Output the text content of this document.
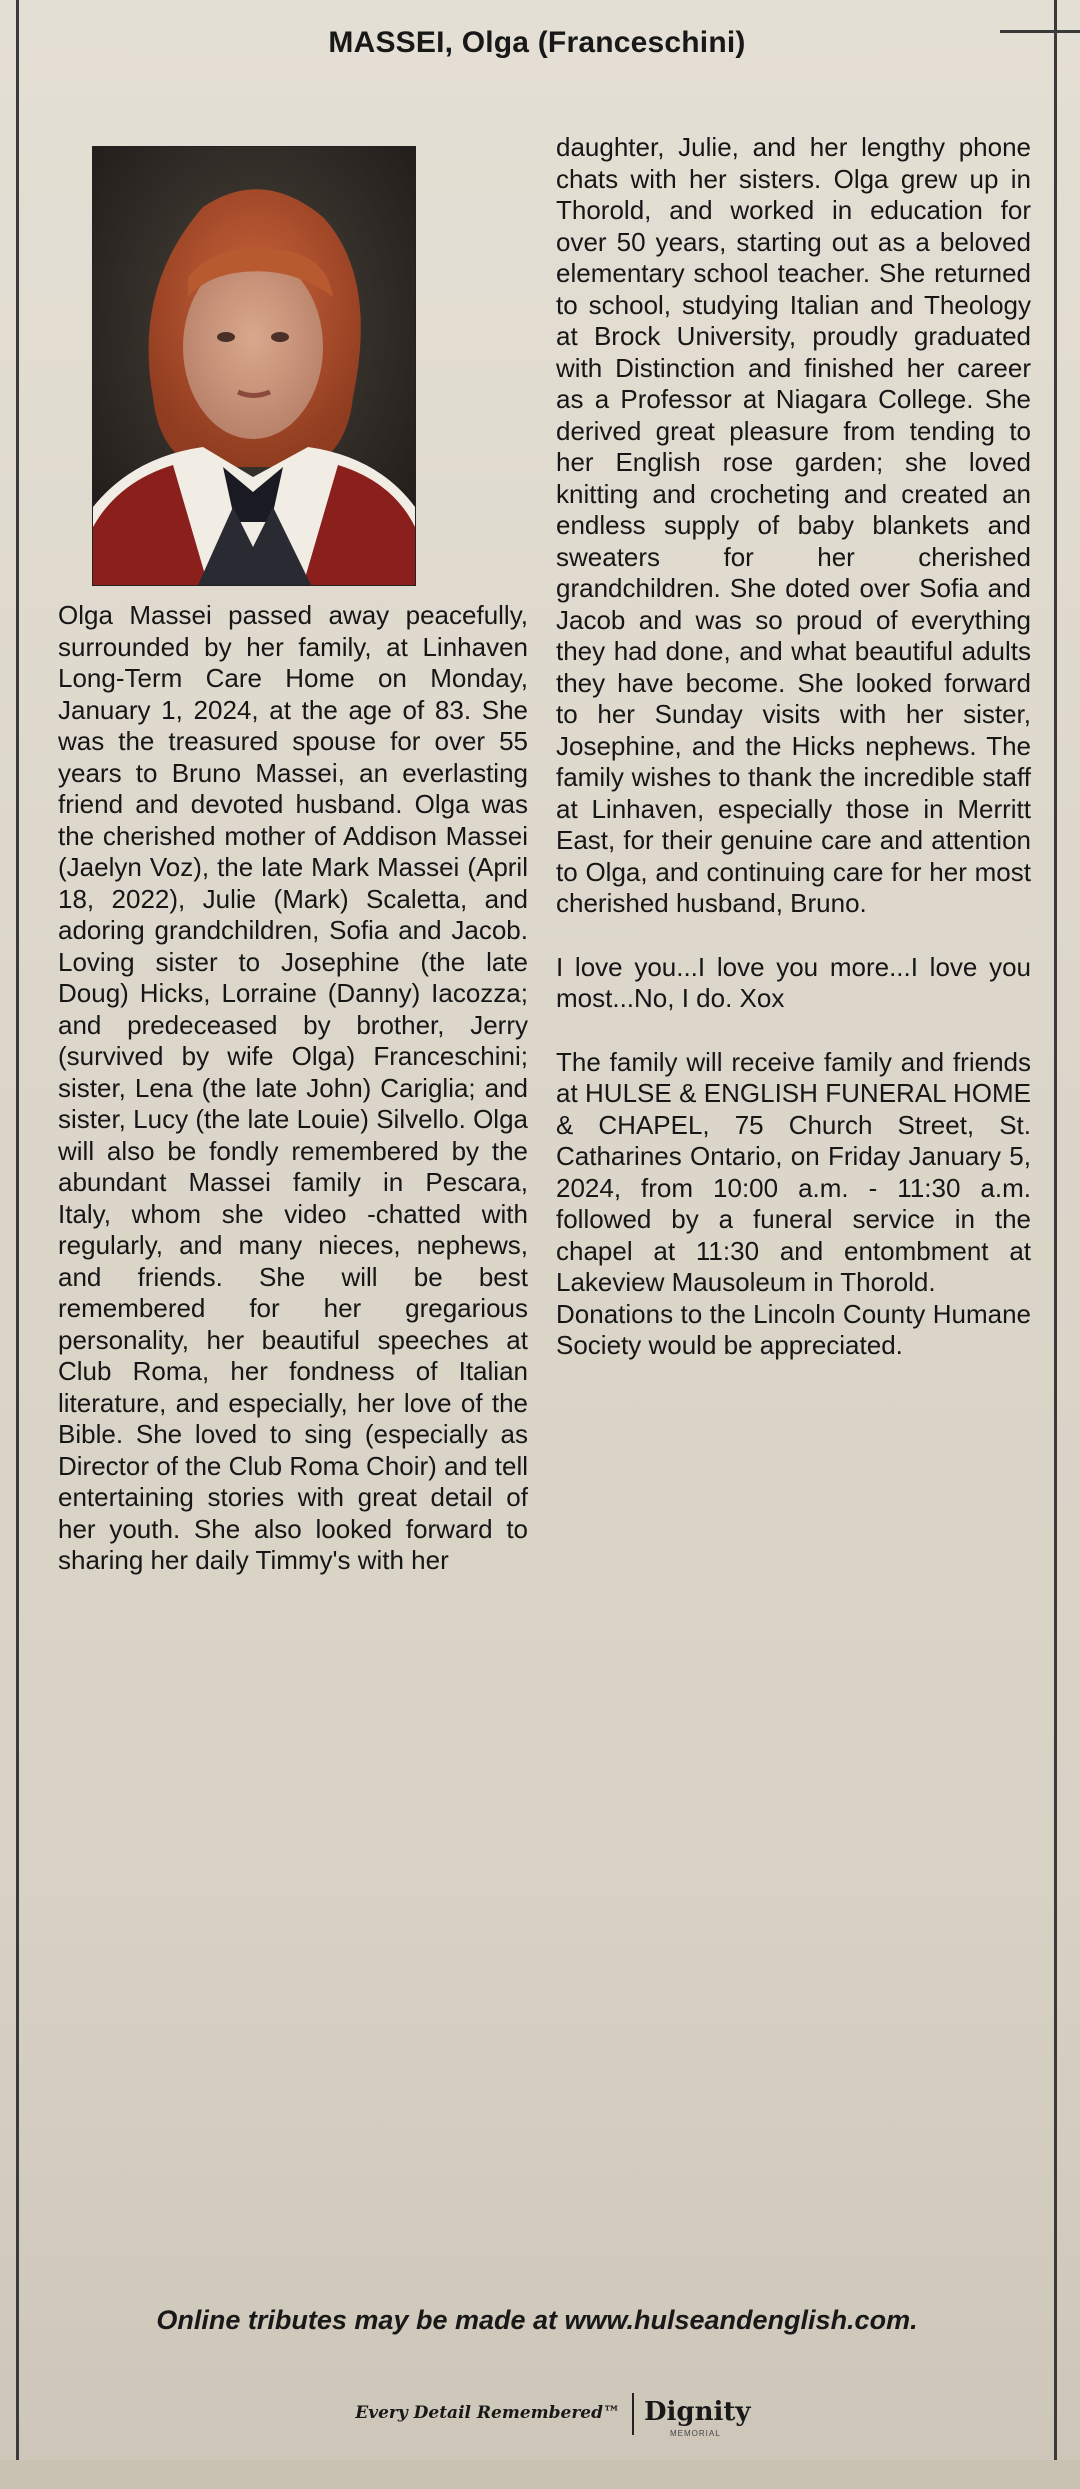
MASSEI, Olga (Franceschini)

Olga Massei passed away peacefully, surrounded by her family, at Linhaven Long-Term Care Home on Monday, January 1, 2024, at the age of 83. She was the treasured spouse for over 55 years to Bruno Massei, an everlasting friend and devoted husband. Olga was the cherished mother of Addison Massei (Jaelyn Voz), the late Mark Massei (April 18, 2022), Julie (Mark) Scaletta, and adoring grandchildren, Sofia and Jacob. Loving sister to Josephine (the late Doug) Hicks, Lorraine (Danny) Iacozza; and predeceased by brother, Jerry (survived by wife Olga) Franceschini; sister, Lena (the late John) Cariglia; and sister, Lucy (the late Louie) Silvello. Olga will also be fondly remembered by the abundant Massei family in Pescara, Italy, whom she video -chatted with regularly, and many nieces, nephews, and friends. She will be best remembered for her gregarious personality, her beautiful speeches at Club Roma, her fondness of Italian literature, and especially, her love of the Bible. She loved to sing (especially as Director of the Club Roma Choir) and tell entertaining stories with great detail of her youth. She also looked forward to sharing her daily Timmy's with her

daughter, Julie, and her lengthy phone chats with her sisters. Olga grew up in Thorold, and worked in education for over 50 years, starting out as a beloved elementary school teacher. She returned to school, studying Italian and Theology at Brock University, proudly graduated with Distinction and finished her career as a Professor at Niagara College. She derived great pleasure from tending to her English rose garden; she loved knitting and crocheting and created an endless supply of baby blankets and sweaters for her cherished grandchildren. She doted over Sofia and Jacob and was so proud of everything they had done, and what beautiful adults they have become. She looked forward to her Sunday visits with her sister, Josephine, and the Hicks nephews. The family wishes to thank the incredible staff at Linhaven, especially those in Merritt East, for their genuine care and attention to Olga, and continuing care for her most cherished husband, Bruno.

I love you...I love you more...I love you most...No, I do. Xox

The family will receive family and friends at HULSE & ENGLISH FUNERAL HOME & CHAPEL, 75 Church Street, St. Catharines Ontario, on Friday January 5, 2024, from 10:00 a.m. - 11:30 a.m. followed by a funeral service in the chapel at 11:30 and entombment at Lakeview Mausoleum in Thorold.

Donations to the Lincoln County Humane Society would be appreciated.

Online tributes may be made at www.hulseandenglish.com.
Every Detail Remembered™ Dignity
MEMORIAL
